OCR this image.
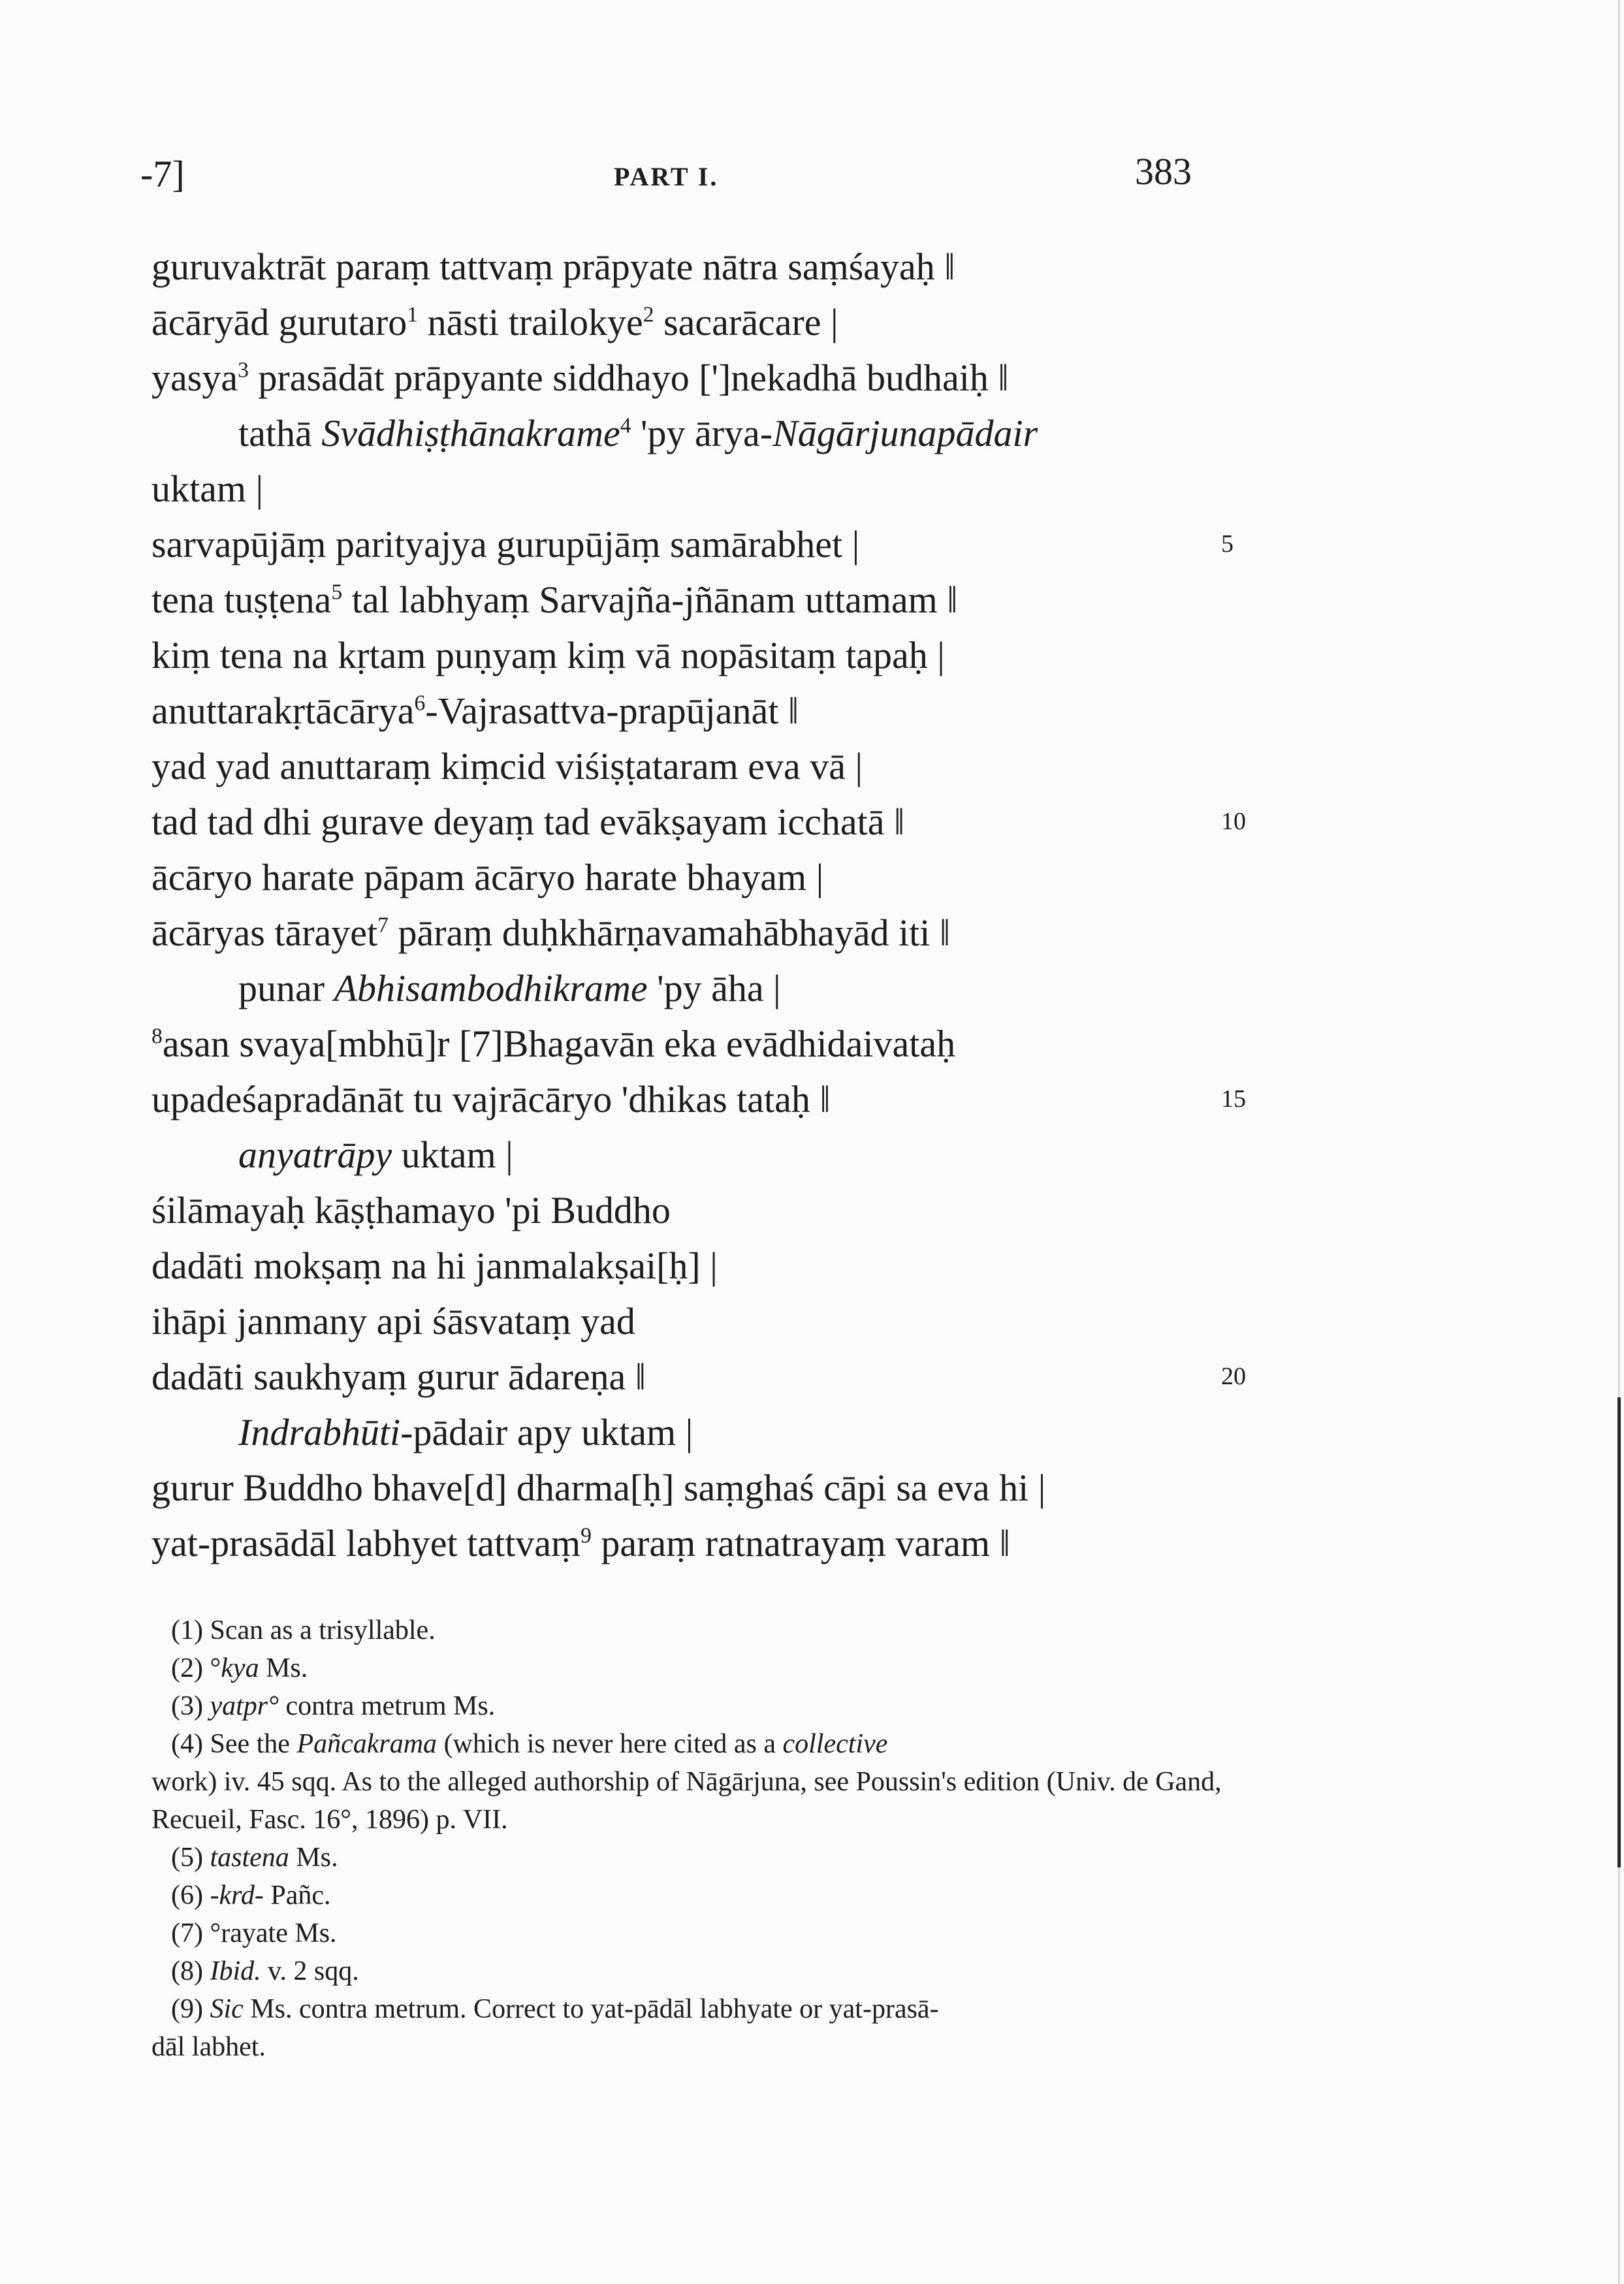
-7]	PART I.	383
guruvaktrāt paraṃ tattvaṃ prāpyate nātra saṃśayaḥ ‖
ācāryād gurutaro$^1$ nāsti trailokye$^2$ sacarācare |
yasya$^3$ prasādāt prāpyante siddhayo [']nekadhā budhaiḥ ‖
tathā Svādhiṣṭhānakrame$^4$ 'py ārya-Nāgārjunapādair
uktam |
sarvapūjāṃ parityajya gurupūjāṃ samārabhet |
tena tuṣṭena$^5$ tal labhyaṃ Sarvajña-jñānam uttamam ‖
kiṃ tena na kṛtam puṇyaṃ kiṃ vā nopāsitaṃ tapaḥ |
anuttarakṛtācārya$^6$-Vajrasattva-prapūjanāt ‖
yad yad anuttaraṃ kiṃcid viśiṣṭataram eva vā |
tad tad dhi gurave deyaṃ tad evākṣayam icchatā ‖
ācāryo harate pāpam ācāryo harate bhayam |
ācāryas tārayet$^7$ pāraṃ duḥkhārṇavamahābhayād iti ‖
punar Abhisambodhikrame 'py āha |
$^8$asan svaya[mbhū]r [7]Bhagavān eka evādhidaivataḥ
upadeśapradānāt tu vajrācāryo 'dhikas tataḥ ‖
anyatrāpy uktam |
śilāmayaḥ kāṣṭhamayo 'pi Buddho
dadāti mokṣaṃ na hi janmalakṣai[ḥ] |
ihāpi janmany api śāsvataṃ yad
dadāti saukhyaṃ gurur ādareṇa ‖
Indrabhūti-pādair apy uktam |
gurur Buddho bhave[d] dharma[ḥ] saṃghaś cāpi sa eva hi |
yat-prasādāl labhyet tattvaṃ$^9$ paraṃ ratnatrayaṃ varam ‖
5
10
15
20
(1) Scan as a trisyllable.
(2) °kya Ms.
(3) yatpr° contra metrum Ms.
(4) See the Pañcakrama (which is never here cited as a collective
work) iv. 45 sqq. As to the alleged authorship of Nāgārjuna, see Poussin's edition (Univ. de Gand, Recueil, Fasc. 16°, 1896) p. VII.
(5) tastena Ms.
(6) -krd- Pañc.
(7) °rayate Ms.
(8) Ibid. v. 2 sqq.
(9) Sic Ms. contra metrum. Correct to yat-pādāl labhyate or yat-prasā-
dāl labhet.
